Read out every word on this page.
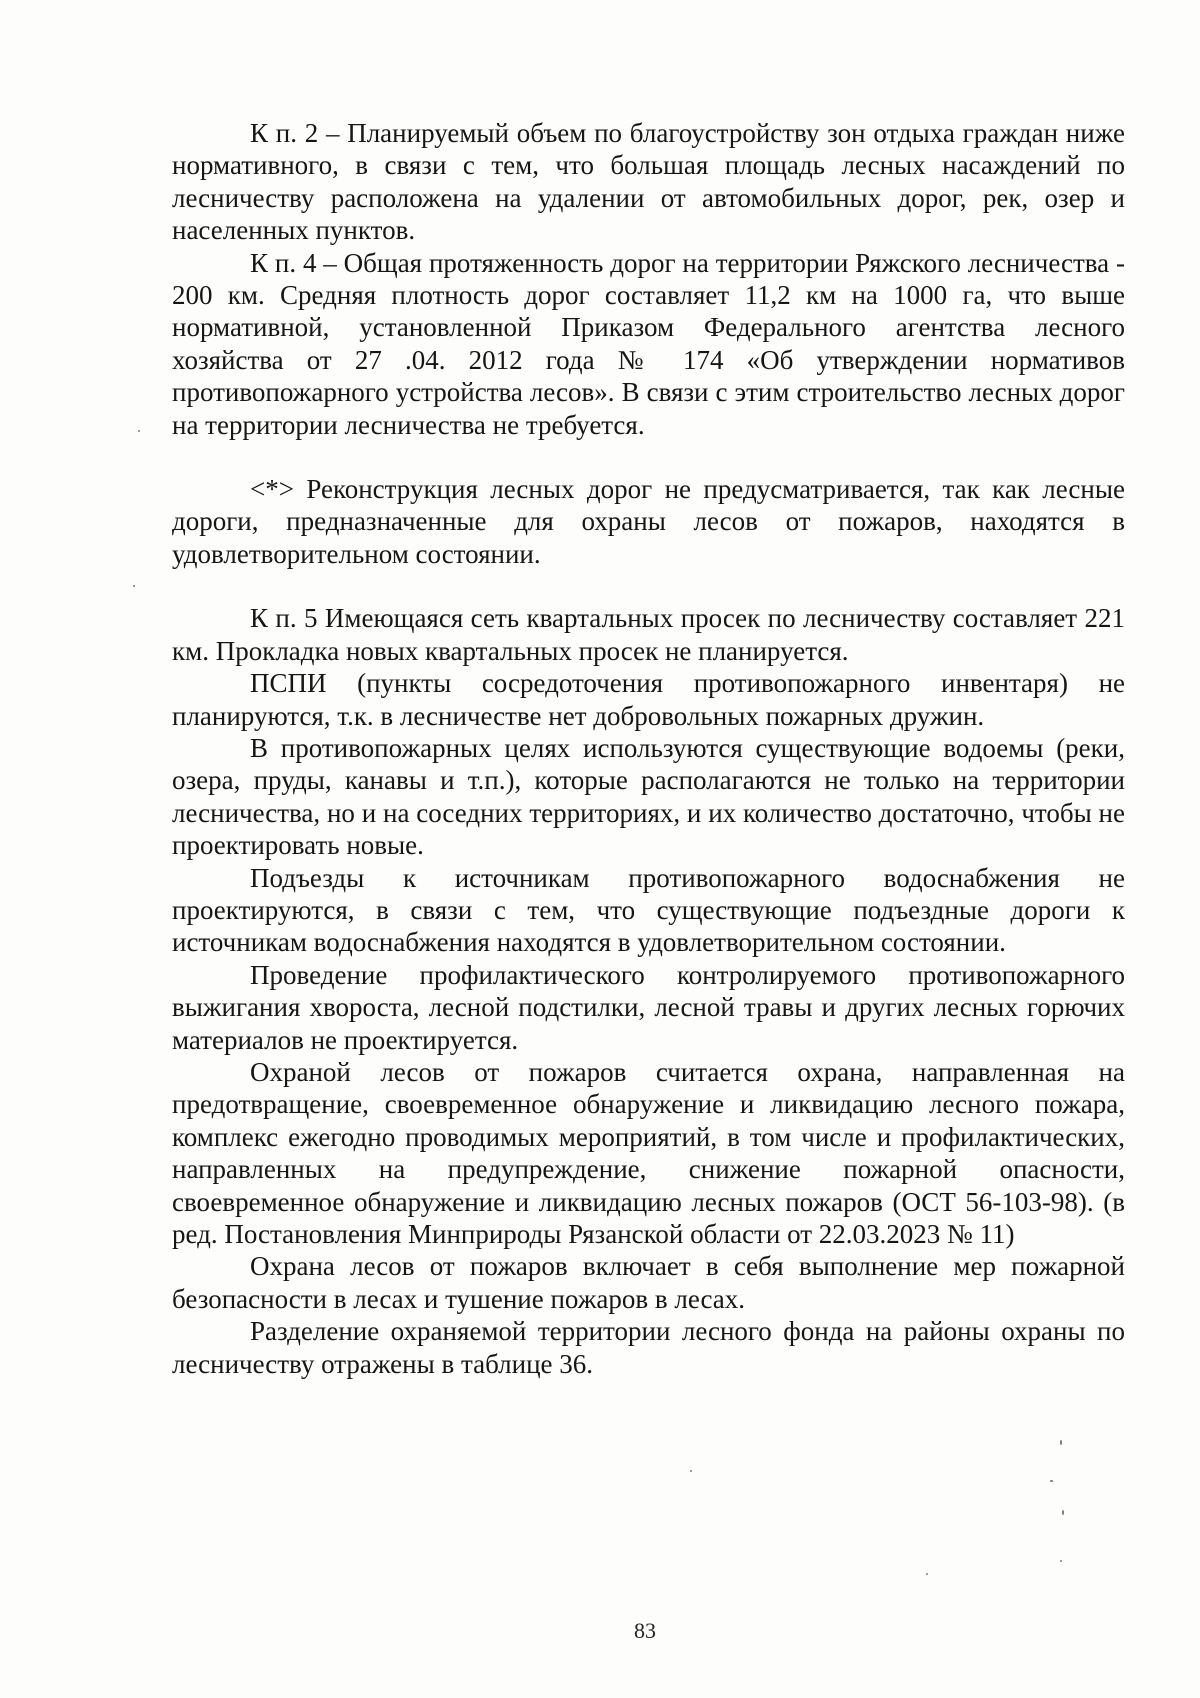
К п. 2 – Планируемый объем по благоустройству зон отдыха граждан ниже нормативного, в связи с тем, что большая площадь лесных насаждений по лесничеству расположена на удалении от автомобильных дорог, рек, озер и населенных пунктов.

К п. 4 – Общая протяженность дорог на территории Ряжского лесничества - 200 км. Средняя плотность дорог составляет 11,2 км на 1000 га, что выше нормативной, установленной Приказом Федерального агентства лесного хозяйства от 27 .04. 2012 года № 174 «Об утверждении нормативов противопожарного устройства лесов». В связи с этим строительство лесных дорог на территории лесничества не требуется.

<*> Реконструкция лесных дорог не предусматривается, так как лесные дороги, предназначенные для охраны лесов от пожаров, находятся в удовлетворительном состоянии.

К п. 5 Имеющаяся сеть квартальных просек по лесничеству составляет 221 км. Прокладка новых квартальных просек не планируется.

ПСПИ (пункты сосредоточения противопожарного инвентаря) не планируются, т.к. в лесничестве нет добровольных пожарных дружин.

В противопожарных целях используются существующие водоемы (реки, озера, пруды, канавы и т.п.), которые располагаются не только на территории лесничества, но и на соседних территориях, и их количество достаточно, чтобы не проектировать новые.

Подъезды к источникам противопожарного водоснабжения не проектируются, в связи с тем, что существующие подъездные дороги к источникам водоснабжения находятся в удовлетворительном состоянии.

Проведение профилактического контролируемого противопожарного выжигания хвороста, лесной подстилки, лесной травы и других лесных горючих материалов не проектируется.

Охраной лесов от пожаров считается охрана, направленная на предотвращение, своевременное обнаружение и ликвидацию лесного пожара, комплекс ежегодно проводимых мероприятий, в том числе и профилактических, направленных на предупреждение, снижение пожарной опасности, своевременное обнаружение и ликвидацию лесных пожаров (ОСТ 56-103-98). (в ред. Постановления Минприроды Рязанской области от 22.03.2023 № 11)

Охрана лесов от пожаров включает в себя выполнение мер пожарной безопасности в лесах и тушение пожаров в лесах.

Разделение охраняемой территории лесного фонда на районы охраны по лесничеству отражены в таблице 36.

83
